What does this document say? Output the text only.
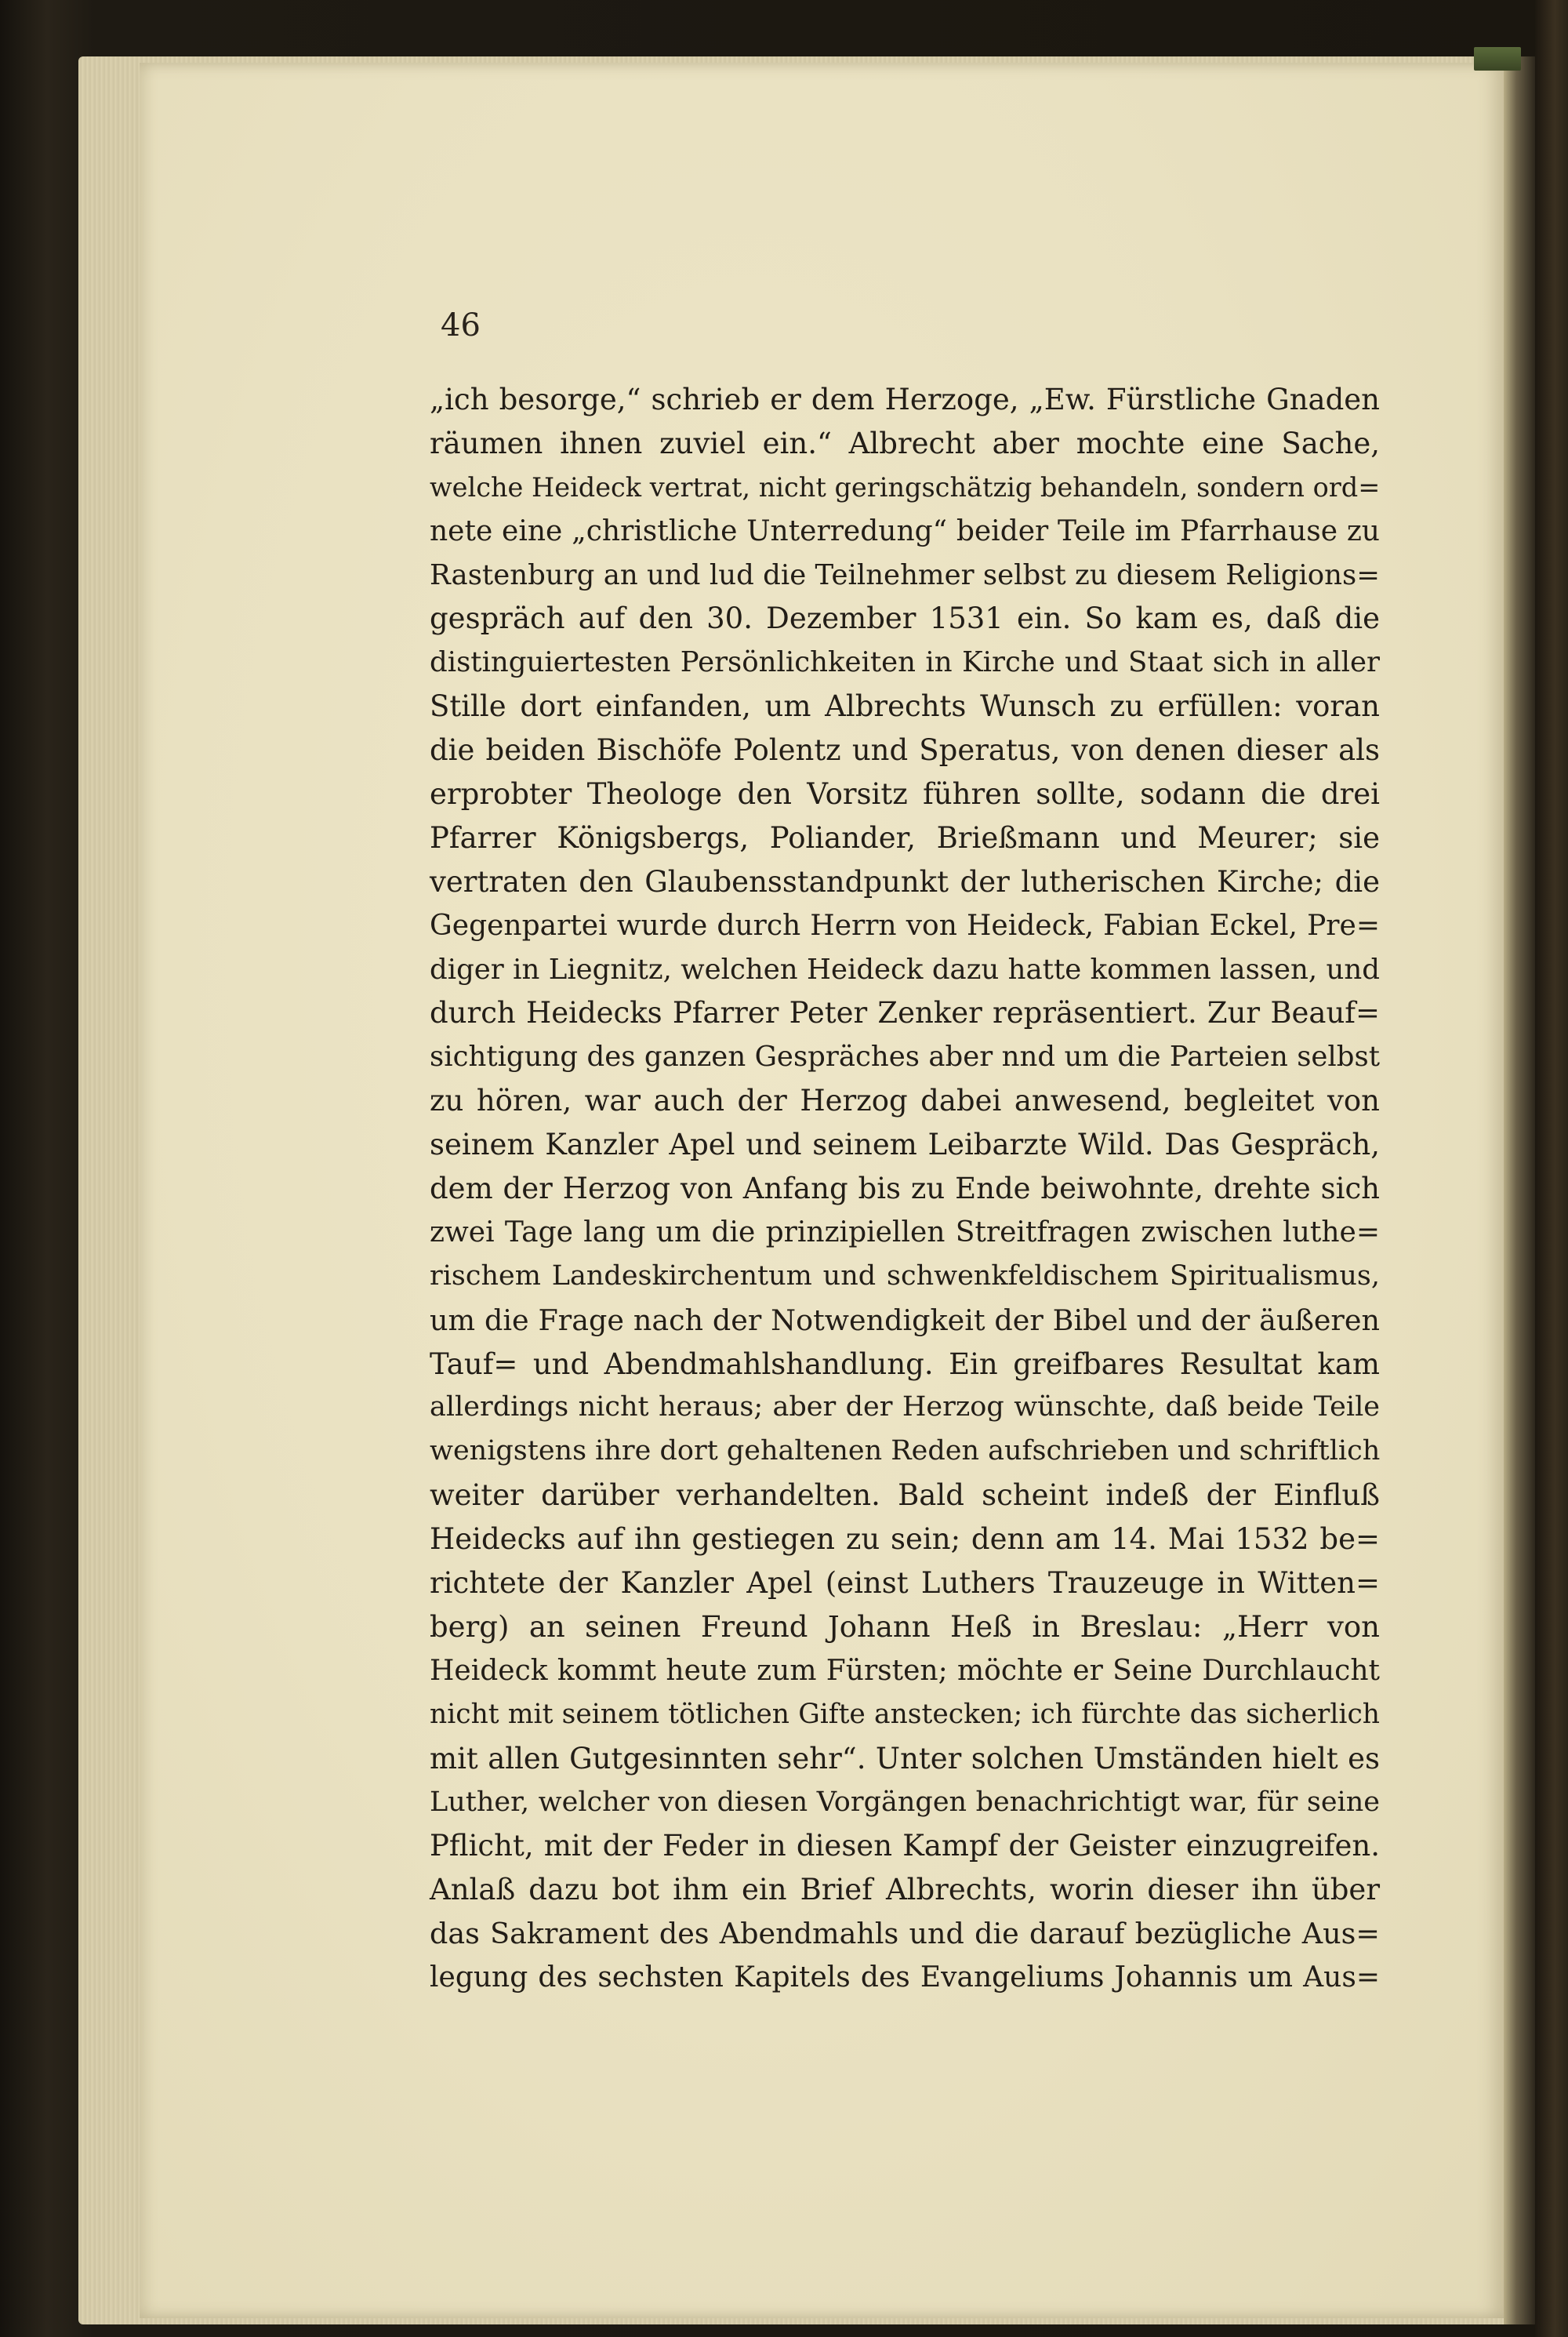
46

„ich besorge,“ schrieb er dem Herzoge, „Ew. Fürstliche Gnaden

räumen ihnen zuviel ein.“ Albrecht aber mochte eine Sache,

welche Heideck vertrat, nicht geringschätzig behandeln, sondern ord=

nete eine „christliche Unterredung“ beider Teile im Pfarrhause zu

Rastenburg an und lud die Teilnehmer selbst zu diesem Religions=

gespräch auf den 30. Dezember 1531 ein. So kam es, daß die

distinguiertesten Persönlichkeiten in Kirche und Staat sich in aller

Stille dort einfanden, um Albrechts Wunsch zu erfüllen: voran

die beiden Bischöfe Polentz und Speratus, von denen dieser als

erprobter Theologe den Vorsitz führen sollte, sodann die drei

Pfarrer Königsbergs, Poliander, Brießmann und Meurer; sie

vertraten den Glaubensstandpunkt der lutherischen Kirche; die

Gegenpartei wurde durch Herrn von Heideck, Fabian Eckel, Pre=

diger in Liegnitz, welchen Heideck dazu hatte kommen lassen, und

durch Heidecks Pfarrer Peter Zenker repräsentiert. Zur Beauf=

sichtigung des ganzen Gespräches aber nnd um die Parteien selbst

zu hören, war auch der Herzog dabei anwesend, begleitet von

seinem Kanzler Apel und seinem Leibarzte Wild. Das Gespräch,

dem der Herzog von Anfang bis zu Ende beiwohnte, drehte sich

zwei Tage lang um die prinzipiellen Streitfragen zwischen luthe=

rischem Landeskirchentum und schwenkfeldischem Spiritualismus,

um die Frage nach der Notwendigkeit der Bibel und der äußeren

Tauf= und Abendmahlshandlung. Ein greifbares Resultat kam

allerdings nicht heraus; aber der Herzog wünschte, daß beide Teile

wenigstens ihre dort gehaltenen Reden aufschrieben und schriftlich

weiter darüber verhandelten. Bald scheint indeß der Einfluß

Heidecks auf ihn gestiegen zu sein; denn am 14. Mai 1532 be=

richtete der Kanzler Apel (einst Luthers Trauzeuge in Witten=

berg) an seinen Freund Johann Heß in Breslau: „Herr von

Heideck kommt heute zum Fürsten; möchte er Seine Durchlaucht

nicht mit seinem tötlichen Gifte anstecken; ich fürchte das sicherlich

mit allen Gutgesinnten sehr“. Unter solchen Umständen hielt es

Luther, welcher von diesen Vorgängen benachrichtigt war, für seine

Pflicht, mit der Feder in diesen Kampf der Geister einzugreifen.

Anlaß dazu bot ihm ein Brief Albrechts, worin dieser ihn über

das Sakrament des Abendmahls und die darauf bezügliche Aus=

legung des sechsten Kapitels des Evangeliums Johannis um Aus=
